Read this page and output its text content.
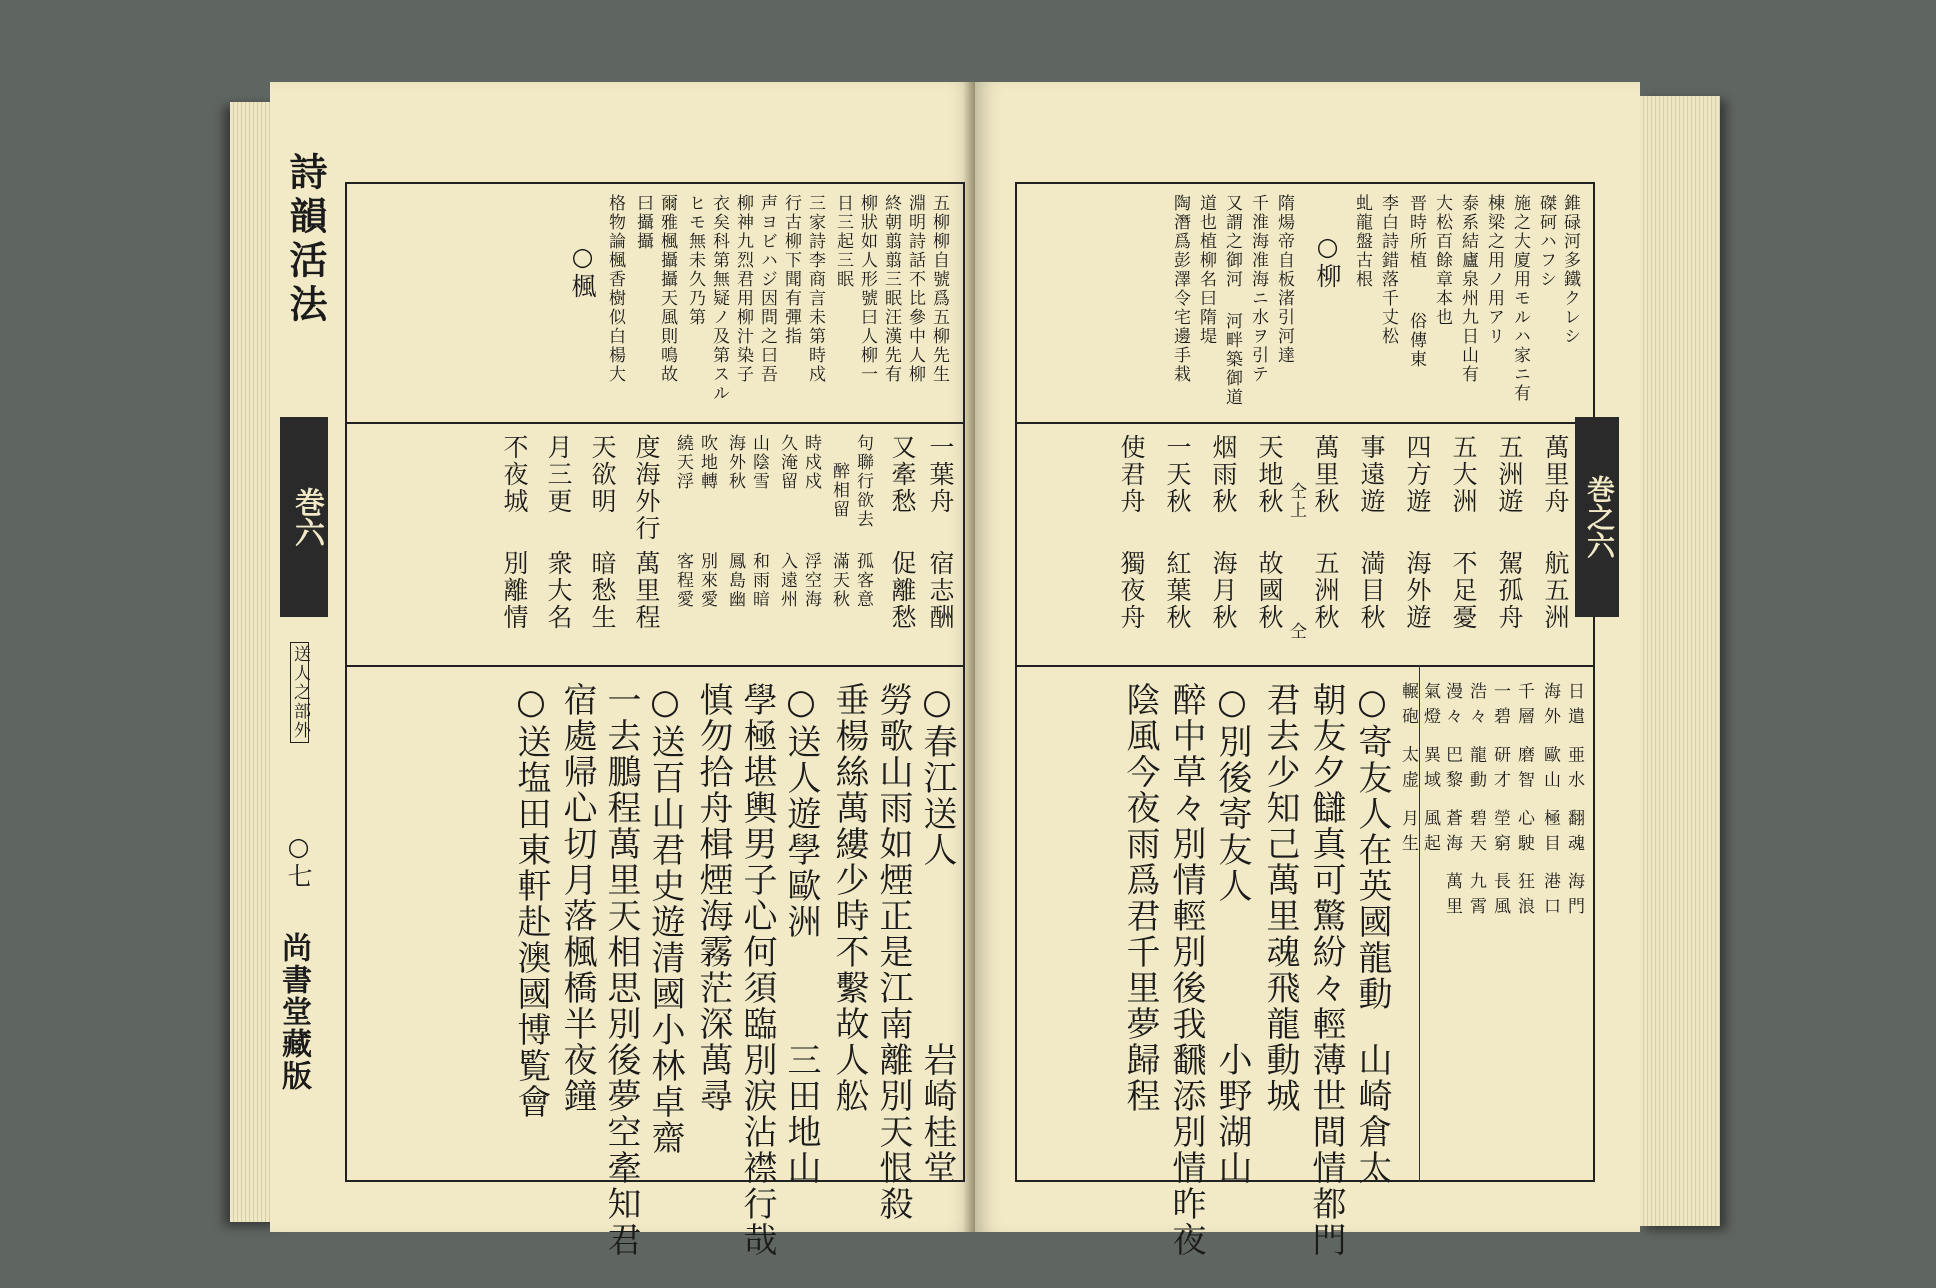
詩韻活法
巻六
送人之部外
○七
尚書堂藏版
五柳柳自號爲五柳先生
淵明詩話不比參中人柳
終朝翦翦三眠汪漢先有
柳狀如人形號曰人柳一
日三起三眠
三家詩李商言未第時戍
行古柳下聞有彈指
声ヨビハジ因問之曰吾
柳神九烈君用柳汁染子
衣矣科第無疑ノ及第スル
ヒモ無未久乃第
爾雅楓攝攝天風則鳴故
曰攝攝
格物論楓香樹似白楊大
○楓
一葉舟
宿志酬
又牽愁
促離愁
句聯行欲去
孤客意
醉相留
滿天秋
時戍戍
浮空海
久淹留
入遠州
山陰雪
和雨暗
海外秋
鳳島幽
吹地轉
別來愛
繞天浮
客程愛
度海外行
萬里程
天欲明
暗愁生
月三更
衆大名
不夜城
別離情
○春江送人
岩崎桂堂
勞歌山雨如煙正是江南離別天恨殺
垂楊絲萬縷少時不繫故人舩
○送人遊學歐洲
三田地山
學極堪輿男子心何須臨別涙沾襟行哉
慎勿拾舟楫煙海霧茫深萬尋
○送百山君史遊清國
小林卓齋
一去鵬程萬里天相思別後夢空牽知君
宿處帰心切月落楓橋半夜鐘
○送塩田東軒赴澳國博覧會
巻之六
錐碌河多鐵クレシ
磔砢ハフシ
施之大廈用モルハ家ニ有
棟梁之用ノ用アリ
泰系結廬泉州九日山有
大松百餘章本也
晋時所植
俗傳東
李白詩錯落千丈松
虬龍盤古根
○柳
隋煬帝自板渚引河達
千淮海准海ニ水ヲ引テ
又謂之御河
河畔築御道
道也植柳名曰隋堤
陶潛爲彭澤令宅邊手栽
萬里舟
航五洲
五洲遊
駕孤舟
五大洲
不足憂
四方遊
海外遊
事遠遊
満目秋
萬里秋
仝上
五洲秋
仝
天地秋
故國秋
烟雨秋
海月秋
一天秋
紅葉秋
使君舟
獨夜舟
日遣 亜水 翻魂 海門
海外 歐山 極目 港口
千層 磨智 心駛 狂浪
一碧 研才 塋窮 長風
浩々 龍動 碧天 九霄
漫々 巴黎 蒼海 萬里
氣燈 異域 風起
輾砲 太虚 月生
○寄友人在英國龍動
山崎倉太
朝友夕讎真可驚紛々輕薄世間情都門
君去少知己萬里魂飛龍動城
○別後寄友人
小野湖山
醉中草々別情輕別後我飜添別情昨夜
陰風今夜雨爲君千里夢歸程
